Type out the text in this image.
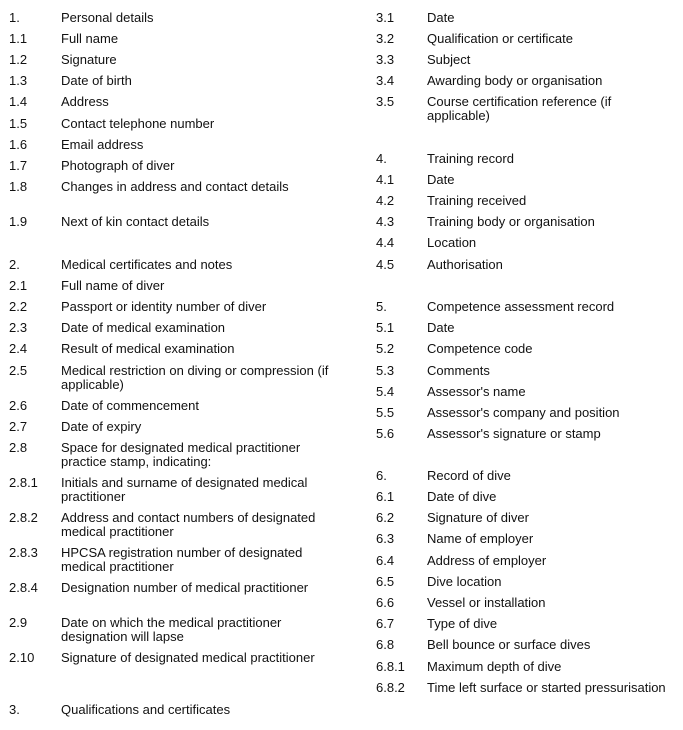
1.	Personal details
1.1	Full name
1.2	Signature
1.3	Date of birth
1.4	Address
1.5	Contact telephone number
1.6	Email address
1.7	Photograph of diver
1.8	Changes in address and contact details
1.9	Next of kin contact details
2.	Medical certificates and notes
2.1	Full name of diver
2.2	Passport or identity number of diver
2.3	Date of medical examination
2.4	Result of medical examination
2.5	Medical restriction on diving or compression (if applicable)
2.6	Date of commencement
2.7	Date of expiry
2.8	Space for designated medical practitioner practice stamp, indicating:
2.8.1 Initials and surname of designated medical practitioner
2.8.2 Address and contact numbers of designated medical practitioner
2.8.3 HPCSA registration number of designated medical practitioner
2.8.4 Designation number of medical practitioner
2.9	Date on which the medical practitioner designation will lapse
2.10 Signature of designated medical practitioner
3.	Qualifications and certificates
3.1	Date
3.2	Qualification or certificate
3.3	Subject
3.4	Awarding body or organisation
3.5	Course certification reference (if applicable)
4.	Training record
4.1	Date
4.2	Training received
4.3	Training body or organisation
4.4	Location
4.5	Authorisation
5.	Competence assessment record
5.1	Date
5.2	Competence code
5.3	Comments
5.4	Assessor's name
5.5	Assessor's company and position
5.6	Assessor's signature or stamp
6.	Record of dive
6.1	Date of dive
6.2	Signature of diver
6.3	Name of employer
6.4	Address of employer
6.5	Dive location
6.6	Vessel or installation
6.7	Type of dive
6.8	Bell bounce or surface dives
6.8.1 Maximum depth of dive
6.8.2 Time left surface or started pressurisation
